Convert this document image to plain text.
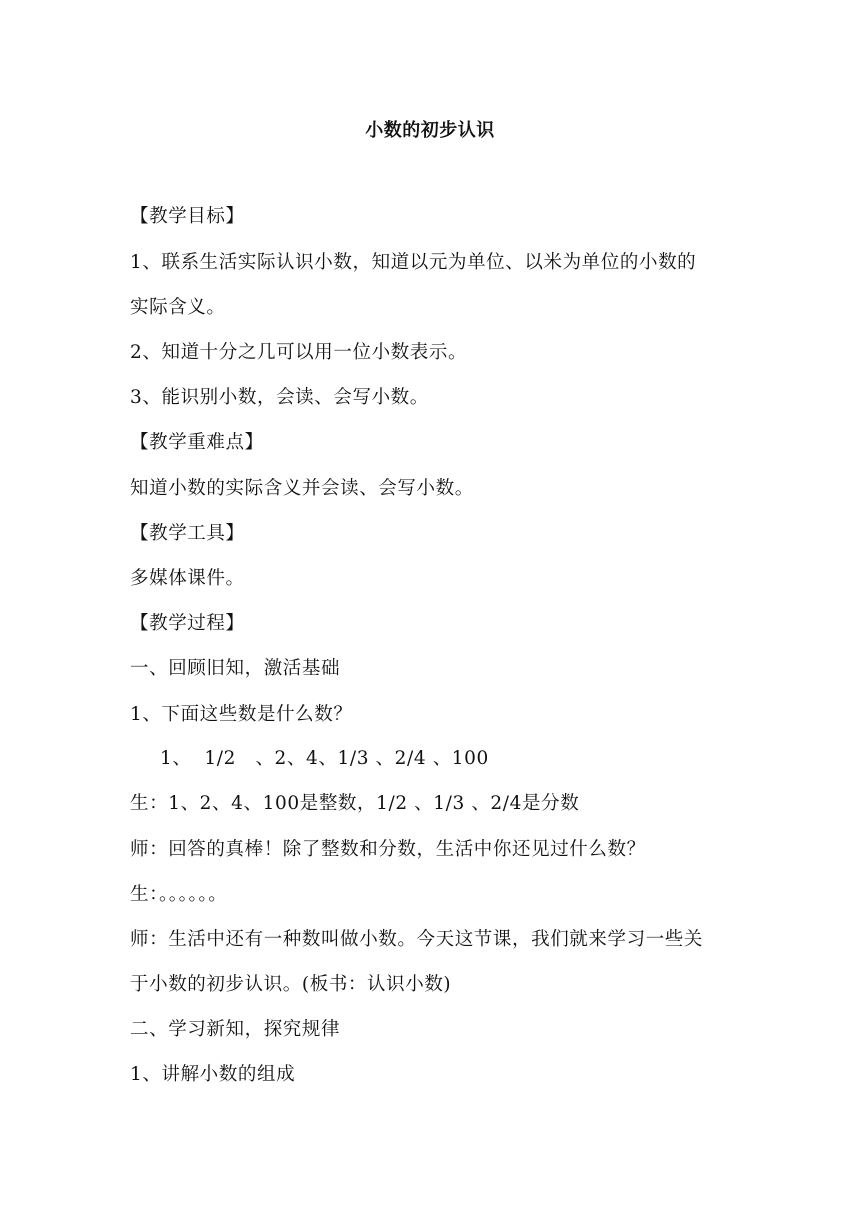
小数的初步认识
【教学目标】
1、联系生活实际认识小数，知道以元为单位、以米为单位的小数的
实际含义。
2、知道十分之几可以用一位小数表示。
3、能识别小数，会读、会写小数。
【教学重难点】
知道小数的实际含义并会读、会写小数。
【教学工具】
多媒体课件。
【教学过程】
一、回顾旧知，激活基础
1、下面这些数是什么数？
1、  1/2   、2、4、1/3 、2/4 、100
生：1、2、4、100是整数，1/2 、1/3 、2/4是分数
师：回答的真棒！除了整数和分数，生活中你还见过什么数？
生：。。。。。。
师：生活中还有一种数叫做小数。今天这节课，我们就来学习一些关
于小数的初步认识。(板书：认识小数)
二、学习新知，探究规律
1、讲解小数的组成
